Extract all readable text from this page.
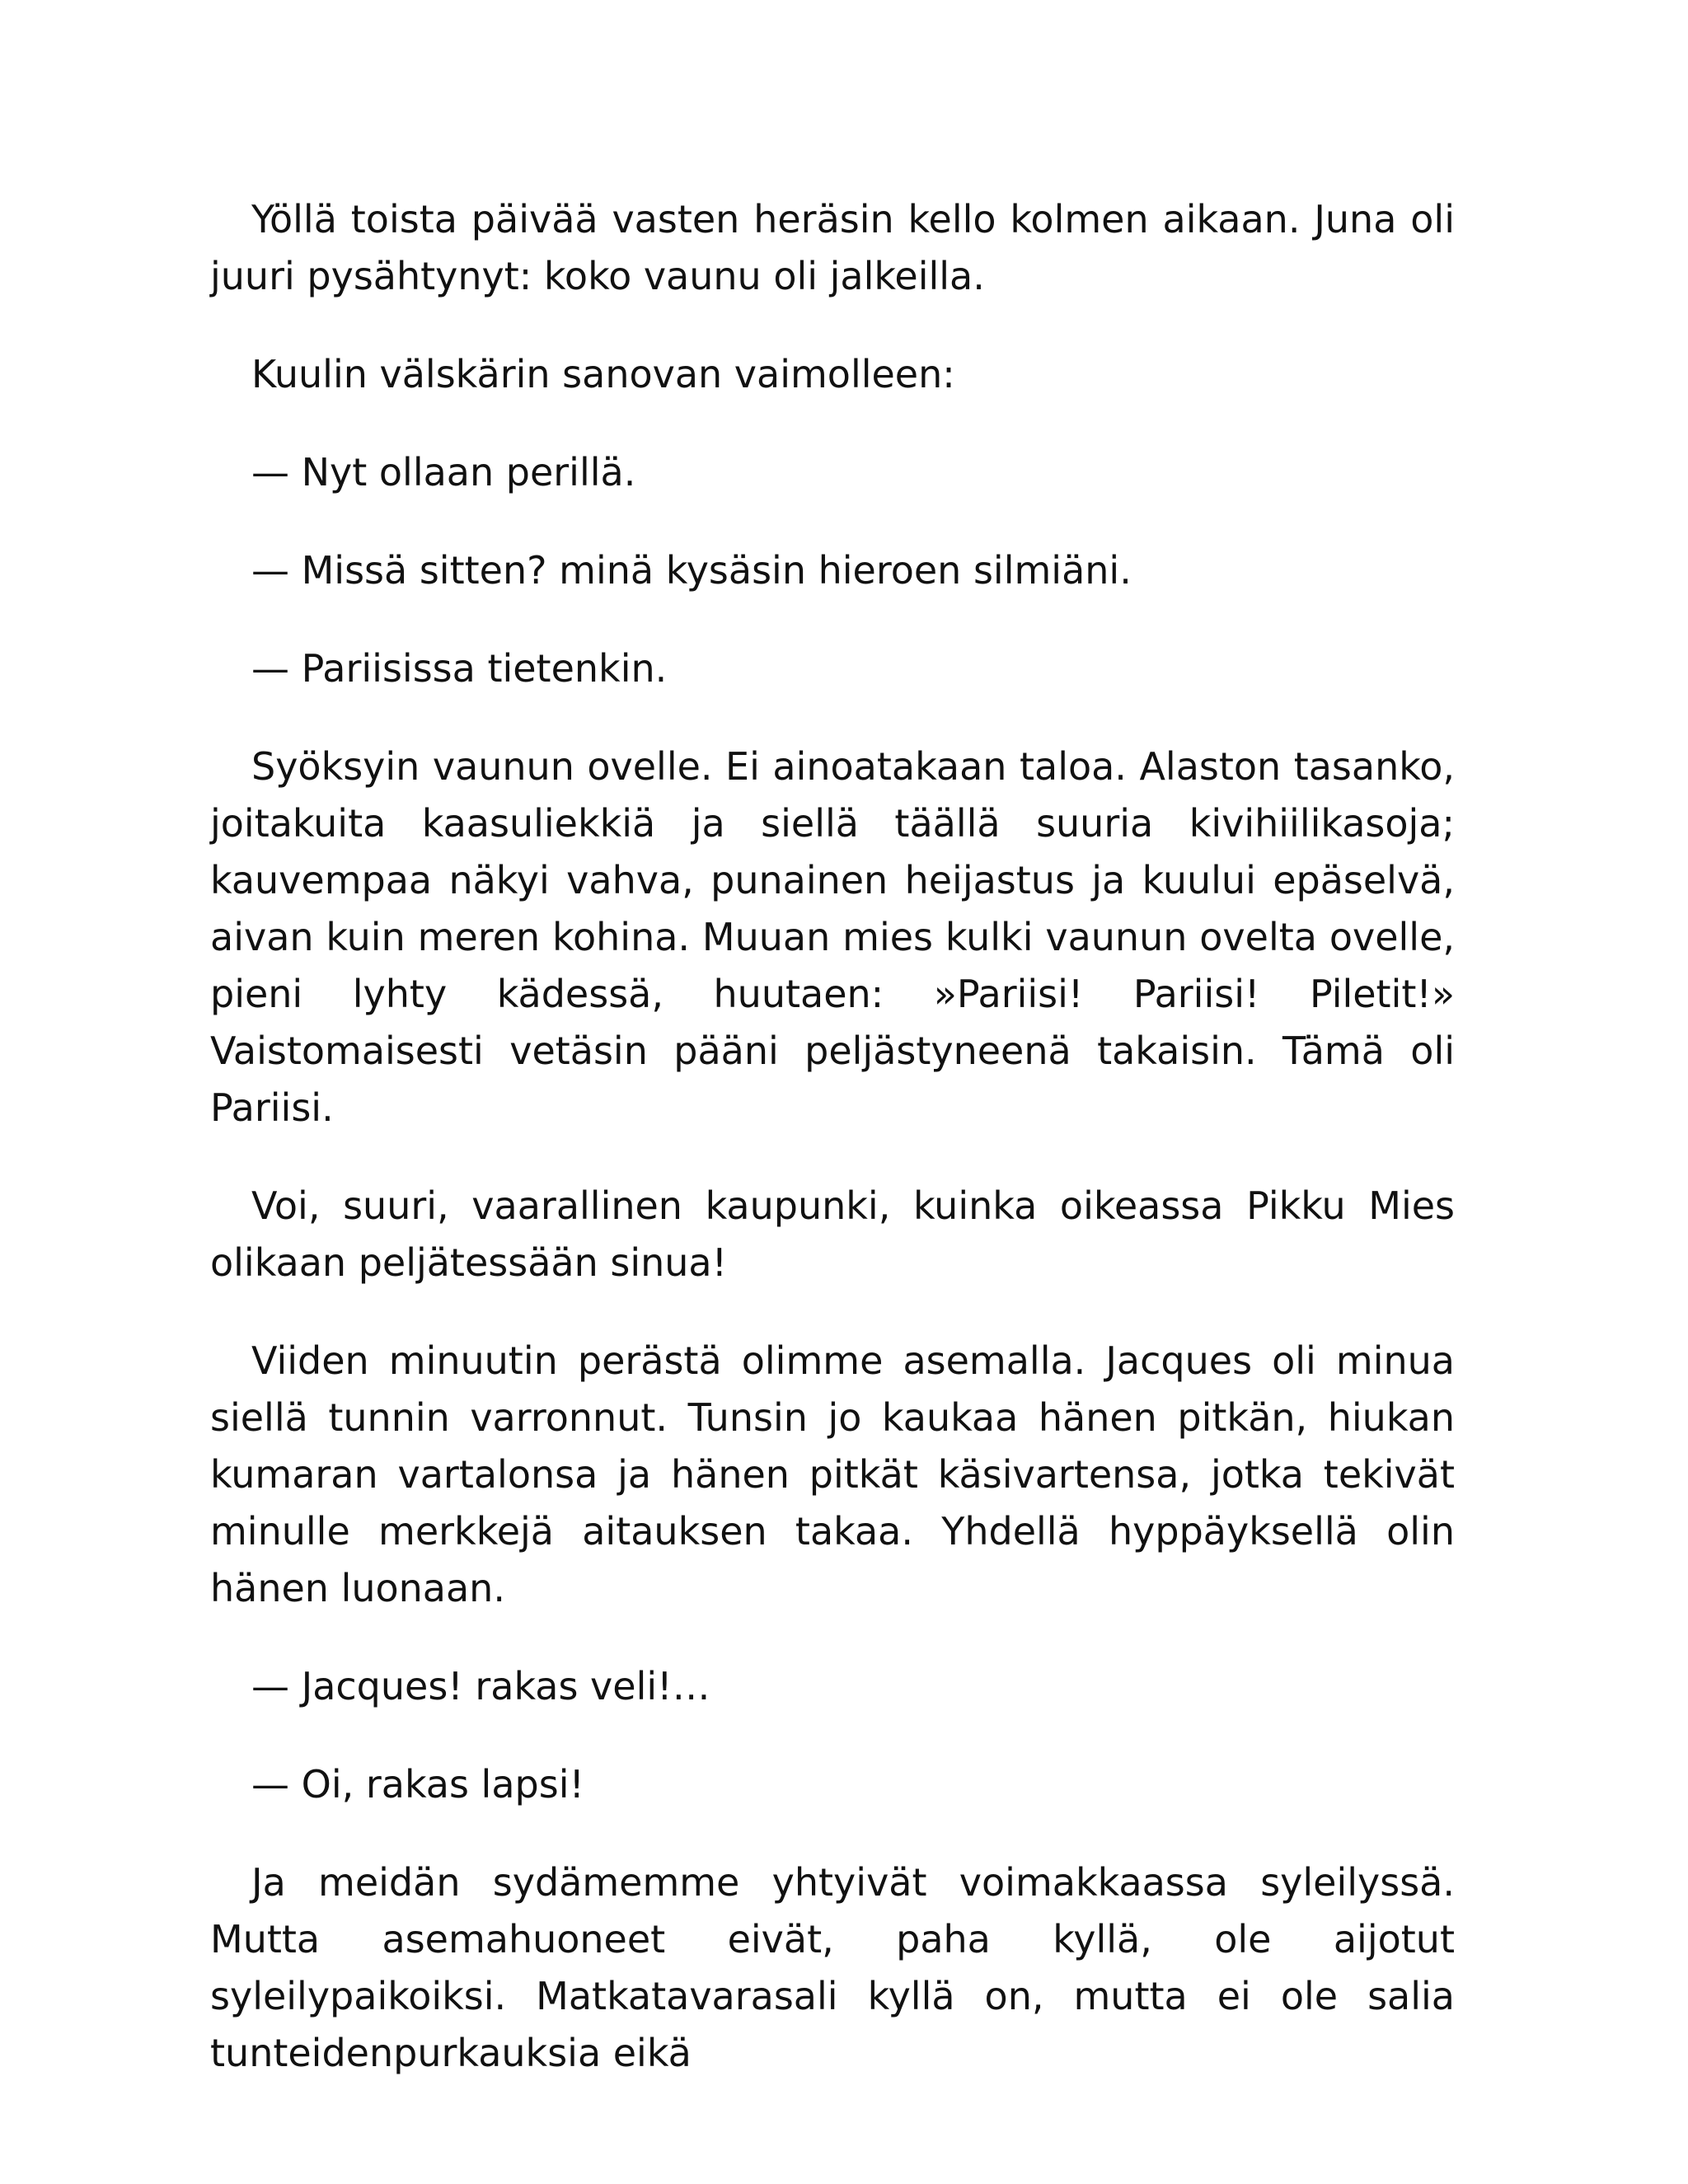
Yöllä toista päivää vasten heräsin kello kolmen aikaan. Juna oli juuri pysähtynyt: koko vaunu oli jalkeilla.

Kuulin välskärin sanovan vaimolleen:

— Nyt ollaan perillä.

— Missä sitten? minä kysäsin hieroen silmiäni.

— Pariisissa tietenkin.

Syöksyin vaunun ovelle. Ei ainoatakaan taloa. Alaston tasanko, joitakuita kaasuliekkiä ja siellä täällä suuria kivihiilikasoja; kauvempaa näkyi vahva, punainen heijastus ja kuului epäselvä, aivan kuin meren kohina. Muuan mies kulki vaunun ovelta ovelle, pieni lyhty kädessä, huutaen: »Pariisi! Pariisi! Piletit!» Vaistomaisesti vetäsin pääni peljästyneenä takaisin. Tämä oli Pariisi.

Voi, suuri, vaarallinen kaupunki, kuinka oikeassa Pikku Mies olikaan peljätessään sinua!

Viiden minuutin perästä olimme asemalla. Jacques oli minua siellä tunnin varronnut. Tunsin jo kaukaa hänen pitkän, hiukan kumaran vartalonsa ja hänen pitkät käsivartensa, jotka tekivät minulle merkkejä aitauksen takaa. Yhdellä hyppäyksellä olin hänen luonaan.

— Jacques! rakas veli!…

— Oi, rakas lapsi!

Ja meidän sydämemme yhtyivät voimakkaassa syleilyssä. Mutta asemahuoneet eivät, paha kyllä, ole aijotut syleilypaikoiksi. Matkatavarasali kyllä on, mutta ei ole salia tunteidenpurkauksia eikä
